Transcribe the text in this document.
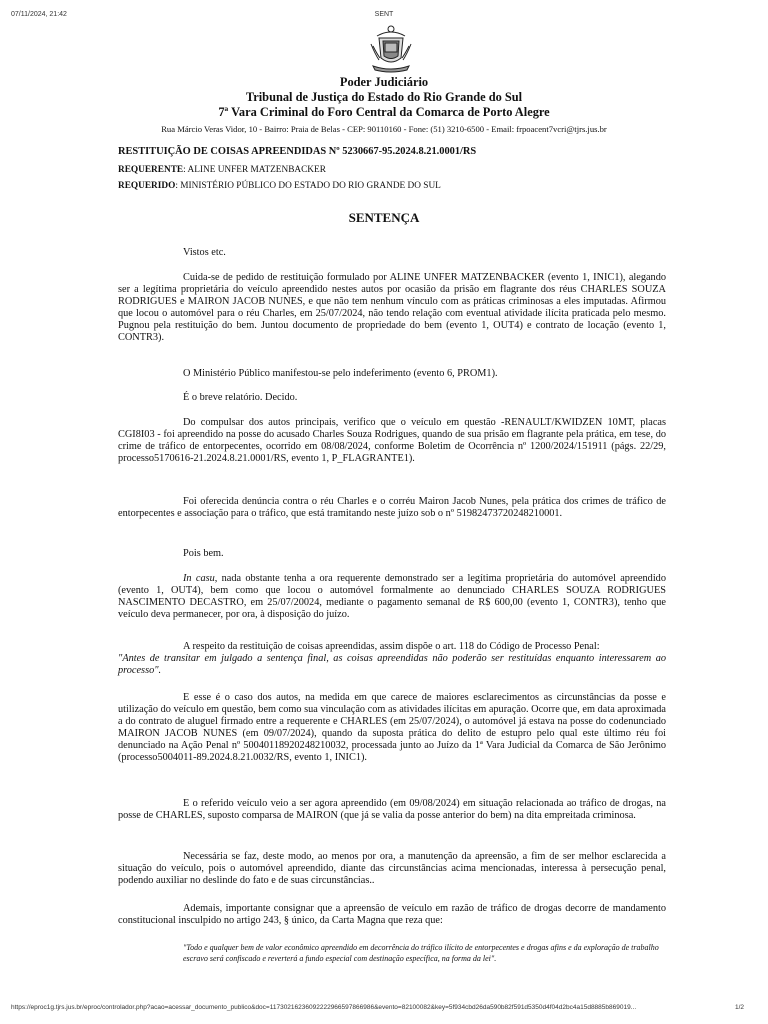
07/11/2024, 21:42	SENT
Poder Judiciário
Tribunal de Justiça do Estado do Rio Grande do Sul
7ª Vara Criminal do Foro Central da Comarca de Porto Alegre
Rua Márcio Veras Vidor, 10 - Bairro: Praia de Belas - CEP: 90110160 - Fone: (51) 3210-6500 - Email: frpoacent7vcri@tjrs.jus.br
RESTITUIÇÃO DE COISAS APREENDIDAS Nº 5230667-95.2024.8.21.0001/RS
REQUERENTE: ALINE UNFER MATZENBACKER
REQUERIDO: MINISTÉRIO PÚBLICO DO ESTADO DO RIO GRANDE DO SUL
SENTENÇA

Vistos etc.

Cuida-se de pedido de restituição formulado por ALINE UNFER MATZENBACKER (evento 1, INIC1), alegando ser a legítima proprietária do veículo apreendido nestes autos por ocasião da prisão em flagrante dos réus CHARLES SOUZA RODRIGUES e MAIRON JACOB NUNES, e que não tem nenhum vínculo com as práticas criminosas a eles imputadas. Afirmou que locou o automóvel para o réu Charles, em 25/07/2024, não tendo relação com eventual atividade ilícita praticada pelo mesmo. Pugnou pela restituição do bem. Juntou documento de propriedade do bem (evento 1, OUT4) e contrato de locação (evento 1, CONTR3).

O Ministério Público manifestou-se pelo indeferimento (evento 6, PROM1).

É o breve relatório. Decido.

Do compulsar dos autos principais, verifico que o veículo em questão -RENAULT/KWIDZEN 10MT, placas CGI8I03 - foi apreendido na posse do acusado Charles Souza Rodrigues, quando de sua prisão em flagrante pela prática, em tese, do crime de tráfico de entorpecentes, ocorrido em 08/08/2024, conforme Boletim de Ocorrência nº 1200/2024/151911 (págs. 22/29, processo5170616-21.2024.8.21.0001/RS, evento 1, P_FLAGRANTE1).

Foi oferecida denúncia contra o réu Charles e o corréu Mairon Jacob Nunes, pela prática dos crimes de tráfico de entorpecentes e associação para o tráfico, que está tramitando neste juízo sob o nº 51982473720248210001.

Pois bem.

In casu, nada obstante tenha a ora requerente demonstrado ser a legítima proprietária do automóvel apreendido (evento 1, OUT4), bem como que locou o automóvel formalmente ao denunciado CHARLES SOUZA RODRIGUES NASCIMENTO DECASTRO, em 25/07/20024, mediante o pagamento semanal de R$ 600,00 (evento 1, CONTR3), tenho que veículo deva permanecer, por ora, à disposição do juízo.

A respeito da restituição de coisas apreendidas, assim dispõe o art. 118 do Código de Processo Penal:

"Antes de transitar em julgado a sentença final, as coisas apreendidas não poderão ser restituídas enquanto interessarem ao processo".

E esse é o caso dos autos, na medida em que carece de maiores esclarecimentos as circunstâncias da posse e utilização do veículo em questão, bem como sua vinculação com as atividades ilícitas em apuração. Ocorre que, em data aproximada a do contrato de aluguel firmado entre a requerente e CHARLES (em 25/07/2024), o automóvel já estava na posse do codenunciado MAIRON JACOB NUNES (em 09/07/2024), quando da suposta prática do delito de estupro pelo qual este último réu foi denunciado na Ação Penal nº 50040118920248210032, processada junto ao Juízo da 1ª Vara Judicial da Comarca de São Jerônimo (processo5004011-89.2024.8.21.0032/RS, evento 1, INIC1).

E o referido veículo veio a ser agora apreendido (em 09/08/2024) em situação relacionada ao tráfico de drogas, na posse de CHARLES, suposto comparsa de MAIRON (que já se valia da posse anterior do bem) na dita empreitada criminosa.

Necessária se faz, deste modo, ao menos por ora, a manutenção da apreensão, a fim de ser melhor esclarecida a situação do veículo, pois o automóvel apreendido, diante das circunstâncias acima mencionadas, interessa à persecução penal, podendo auxiliar no deslinde do fato e de suas circunstâncias..

Ademais, importante consignar que a apreensão de veículo em razão de tráfico de drogas decorre de mandamento constitucional insculpido no artigo 243, § único, da Carta Magna que reza que:

"Todo e qualquer bem de valor econômico apreendido em decorrência do tráfico ilícito de entorpecentes e drogas afins e da exploração de trabalho escravo será confiscado e reverterá a fundo especial com destinação específica, na forma da lei".

https://eproc1g.tjrs.jus.br/eproc/controlador.php?acao=acessar_documento_publico&doc=11730216236092222966597866986&evento=82100082&key=5f934cbd26da590b82f591d5350d4f04d2bc4a15d8885b869019...	1/2
